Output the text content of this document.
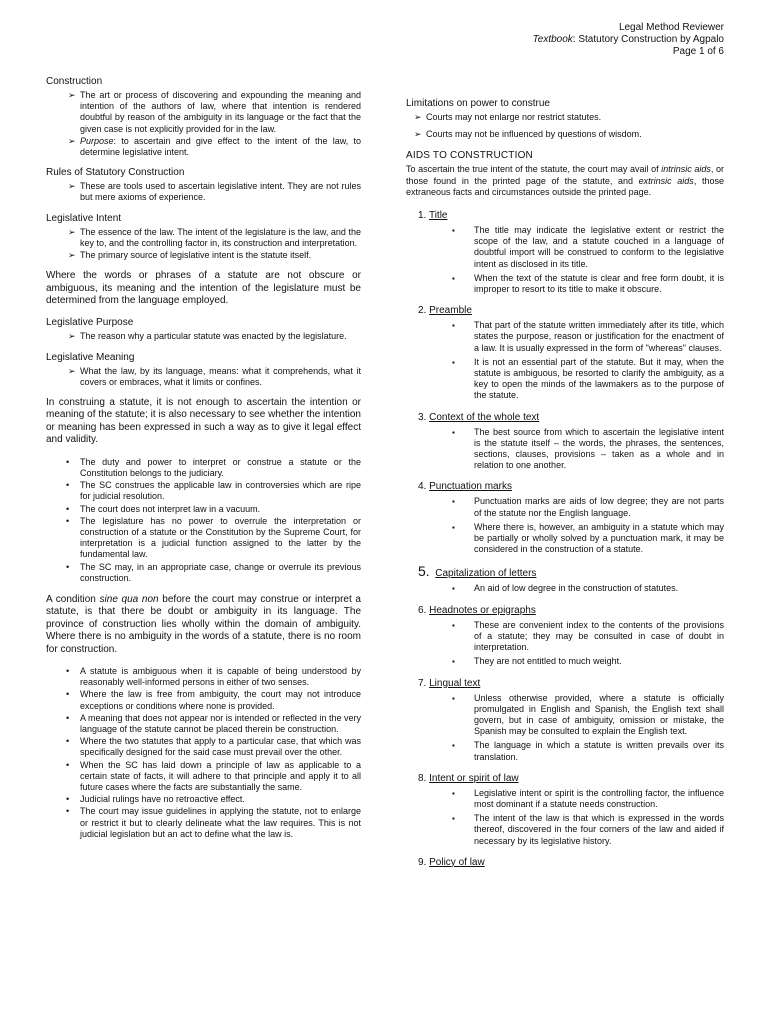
Legal Method Reviewer
Textbook: Statutory Construction by Agpalo
Page 1 of 6
Construction
➢ The art or process of discovering and expounding the meaning and intention of the authors of law, where that intention is rendered doubtful by reason of the ambiguity in its language or the fact that the given case is not explicitly provided for in the law.
➢ Purpose: to ascertain and give effect to the intent of the law, to determine legislative intent.
Rules of Statutory Construction
➢ These are tools used to ascertain legislative intent. They are not rules but mere axioms of experience.
Legislative Intent
➢ The essence of the law. The intent of the legislature is the law, and the key to, and the controlling factor in, its construction and interpretation.
➢ The primary source of legislative intent is the statute itself.

Where the words or phrases of a statute are not obscure or ambiguous, its meaning and the intention of the legislature must be determined from the language employed.

Legislative Purpose
➢ The reason why a particular statute was enacted by the legislature.
Legislative Meaning
➢ What the law, by its language, means: what it comprehends, what it covers or embraces, what it limits or confines.

In construing a statute, it is not enough to ascertain the intention or meaning of the statute; it is also necessary to see whether the intention or meaning has been expressed in such a way as to give it legal effect and validity.

• The duty and power to interpret or construe a statute or the Constitution belongs to the judiciary.
• The SC construes the applicable law in controversies which are ripe for judicial resolution.
• The court does not interpret law in a vacuum.
• The legislature has no power to overrule the interpretation or construction of a statute or the Constitution by the Supreme Court, for interpretation is a judicial function assigned to the latter by the fundamental law.
• The SC may, in an appropriate case, change or overrule its previous construction.

A condition sine qua non before the court may construe or interpret a statute, is that there be doubt or ambiguity in its language. The province of construction lies wholly within the domain of ambiguity. Where there is no ambiguity in the words of a statute, there is no room for construction.

• A statute is ambiguous when it is capable of being understood by reasonably well-informed persons in either of two senses.
• Where the law is free from ambiguity, the court may not introduce exceptions or conditions where none is provided.
• A meaning that does not appear nor is intended or reflected in the very language of the statute cannot be placed therein be construction.
• Where the two statutes that apply to a particular case, that which was specifically designed for the said case must prevail over the other.
• When the SC has laid down a principle of law as applicable to a certain state of facts, it will adhere to that principle and apply it to all future cases where the facts are substantially the same.
• Judicial rulings have no retroactive effect.
• The court may issue guidelines in applying the statute, not to enlarge or restrict it but to clearly delineate what the law requires. This is not judicial legislation but an act to define what the law is.
Limitations on power to construe
➢ Courts may not enlarge nor restrict statutes.
➢ Courts may not be influenced by questions of wisdom.
AIDS TO CONSTRUCTION

To ascertain the true intent of the statute, the court may avail of intrinsic aids, or those found in the printed page of the statute, and extrinsic aids, those extraneous facts and circumstances outside the printed page.

1. Title
▪ The title may indicate the legislative extent or restrict the scope of the law, and a statute couched in a language of doubtful import will be construed to conform to the legislative intent as disclosed in its title.
▪ When the text of the statute is clear and free form doubt, it is improper to resort to its title to make it obscure.
2. Preamble
▪ That part of the statute written immediately after its title, which states the purpose, reason or justification for the enactment of a law. It is usually expressed in the form of "whereas" clauses.
▪ It is not an essential part of the statute. But it may, when the statute is ambiguous, be resorted to clarify the ambiguity, as a key to open the minds of the lawmakers as to the purpose of the statute.
3. Context of the whole text
▪ The best source from which to ascertain the legislative intent is the statute itself – the words, the phrases, the sentences, sections, clauses, provisions – taken as a whole and in relation to one another.
4. Punctuation marks
▪ Punctuation marks are aids of low degree; they are not parts of the statute nor the English language.
▪ Where there is, however, an ambiguity in a statute which may be partially or wholly solved by a punctuation mark, it may be considered in the construction of a statute.
5. Capitalization of letters
▪ An aid of low degree in the construction of statutes.
6. Headnotes or epigraphs
▪ These are convenient index to the contents of the provisions of a statute; they may be consulted in case of doubt in interpretation.
▪ They are not entitled to much weight.
7. Lingual text
▪ Unless otherwise provided, where a statute is officially promulgated in English and Spanish, the English text shall govern, but in case of ambiguity, omission or mistake, the Spanish may be consulted to explain the English text.
▪ The language in which a statute is written prevails over its translation.
8. Intent or spirit of law
▪ Legislative intent or spirit is the controlling factor, the influence most dominant if a statute needs construction.
▪ The intent of the law is that which is expressed in the words thereof, discovered in the four corners of the law and aided if necessary by its legislative history.
9. Policy of law
